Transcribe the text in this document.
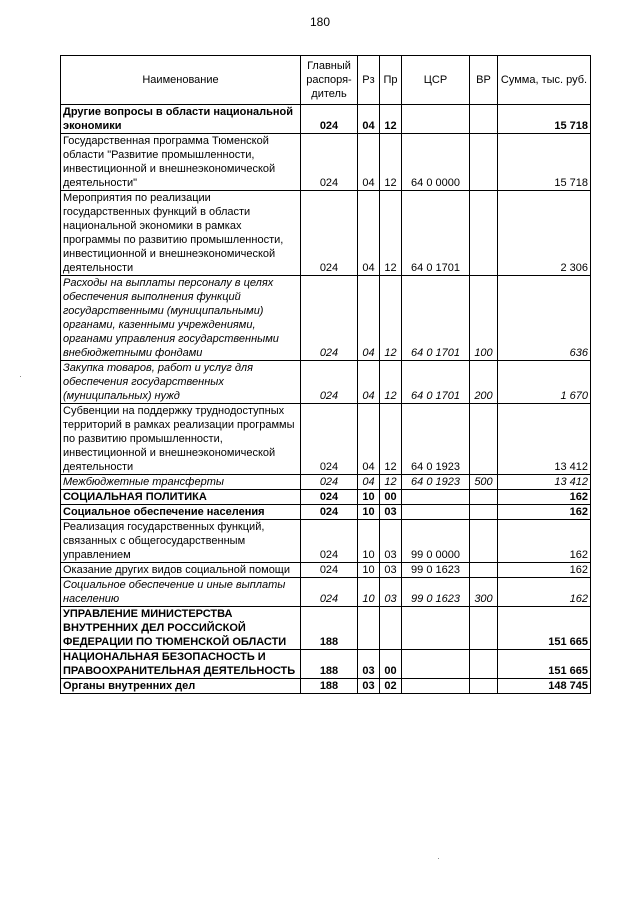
180
Наименование	Главный распоря-дитель	Рз	Пр	ЦСР	ВР	Сумма, тыс. руб.
Другие вопросы в области национальной экономики	024	04	12			15 718
Государственная программа Тюменской области "Развитие промышленности, инвестиционной и внешнеэкономической деятельности"	024	04	12	64 0 0000		15 718
Мероприятия по реализации государственных функций в области национальной экономики в рамках программы по развитию промышленности, инвестиционной и внешнеэкономической деятельности	024	04	12	64 0 1701		2 306
Расходы на выплаты персоналу в целях обеспечения выполнения функций государственными (муниципальными) органами, казенными учреждениями, органами управления государственными внебюджетными фондами	024	04	12	64 0 1701	100	636
Закупка товаров, работ и услуг для обеспечения государственных (муниципальных) нужд	024	04	12	64 0 1701	200	1 670
Субвенции на поддержку труднодоступных территорий в рамках реализации программы по развитию промышленности, инвестиционной и внешнеэкономической деятельности	024	04	12	64 0 1923		13 412
Межбюджетные трансферты	024	04	12	64 0 1923	500	13 412
СОЦИАЛЬНАЯ ПОЛИТИКА	024	10	00			162
Социальное обеспечение населения	024	10	03			162
Реализация государственных функций, связанных с общегосударственным управлением	024	10	03	99 0 0000		162
Оказание других видов социальной помощи	024	10	03	99 0 1623		162
Социальное обеспечение и иные выплаты населению	024	10	03	99 0 1623	300	162
УПРАВЛЕНИЕ МИНИСТЕРСТВА ВНУТРЕННИХ ДЕЛ РОССИЙСКОЙ ФЕДЕРАЦИИ ПО ТЮМЕНСКОЙ ОБЛАСТИ	188					151 665
НАЦИОНАЛЬНАЯ БЕЗОПАСНОСТЬ И ПРАВООХРАНИТЕЛЬНАЯ ДЕЯТЕЛЬНОСТЬ	188	03	00			151 665
Органы внутренних дел	188	03	02			148 745
